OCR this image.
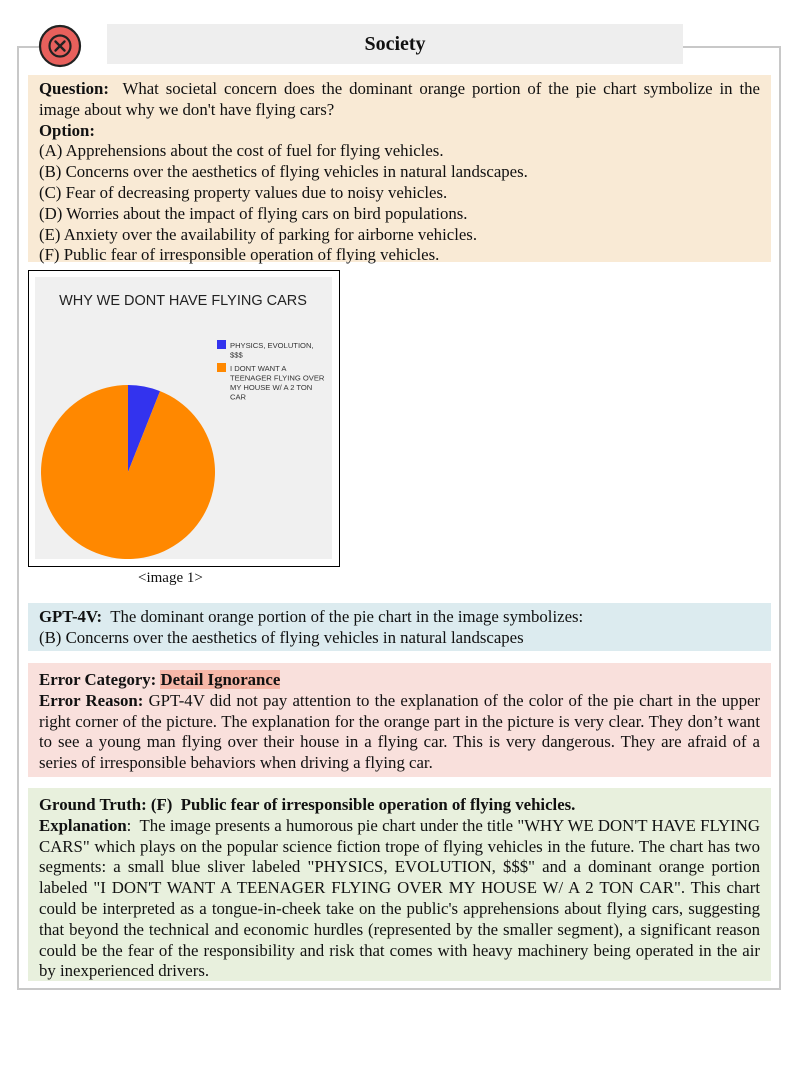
Society

Question: What societal concern does the dominant orange portion of the pie chart symbolize in the image about why we don't have flying cars?

Option:

(A) Apprehensions about the cost of fuel for flying vehicles.

(B) Concerns over the aesthetics of flying vehicles in natural landscapes.

(C) Fear of decreasing property values due to noisy vehicles.

(D) Worries about the impact of flying cars on bird populations.

(E) Anxiety over the availability of parking for airborne vehicles.

(F) Public fear of irresponsible operation of flying vehicles.

WHY WE DONT HAVE FLYING CARS
PHYSICS, EVOLUTION,
$$$
I DONT WANT A
TEENAGER FLYING OVER
MY HOUSE W/ A 2 TON
CAR
<image 1>

GPT-4V: The dominant orange portion of the pie chart in the image symbolizes:

(B) Concerns over the aesthetics of flying vehicles in natural landscapes

Error Category: Detail Ignorance

Error Reason: GPT-4V did not pay attention to the explanation of the color of the pie chart in the upper right corner of the picture. The explanation for the orange part in the picture is very clear. They don’t want to see a young man flying over their house in a flying car. This is very dangerous. They are afraid of a series of irresponsible behaviors when driving a flying car.

Ground Truth: (F) Public fear of irresponsible operation of flying vehicles.

Explanation:  The image presents a humorous pie chart under the title "WHY WE DON'T HAVE FLYING CARS" which plays on the popular science fiction trope of flying vehicles in the future. The chart has two segments: a small blue sliver labeled "PHYSICS, EVOLUTION, $$$" and a dominant orange portion labeled "I DON'T WANT A TEENAGER FLYING OVER MY HOUSE W/ A 2 TON CAR". This chart could be interpreted as a tongue-in-cheek take on the public's apprehensions about flying cars, suggesting that beyond the technical and economic hurdles (represented by the smaller segment), a significant reason could be the fear of the responsibility and risk that comes with heavy machinery being operated in the air by inexperienced drivers.
